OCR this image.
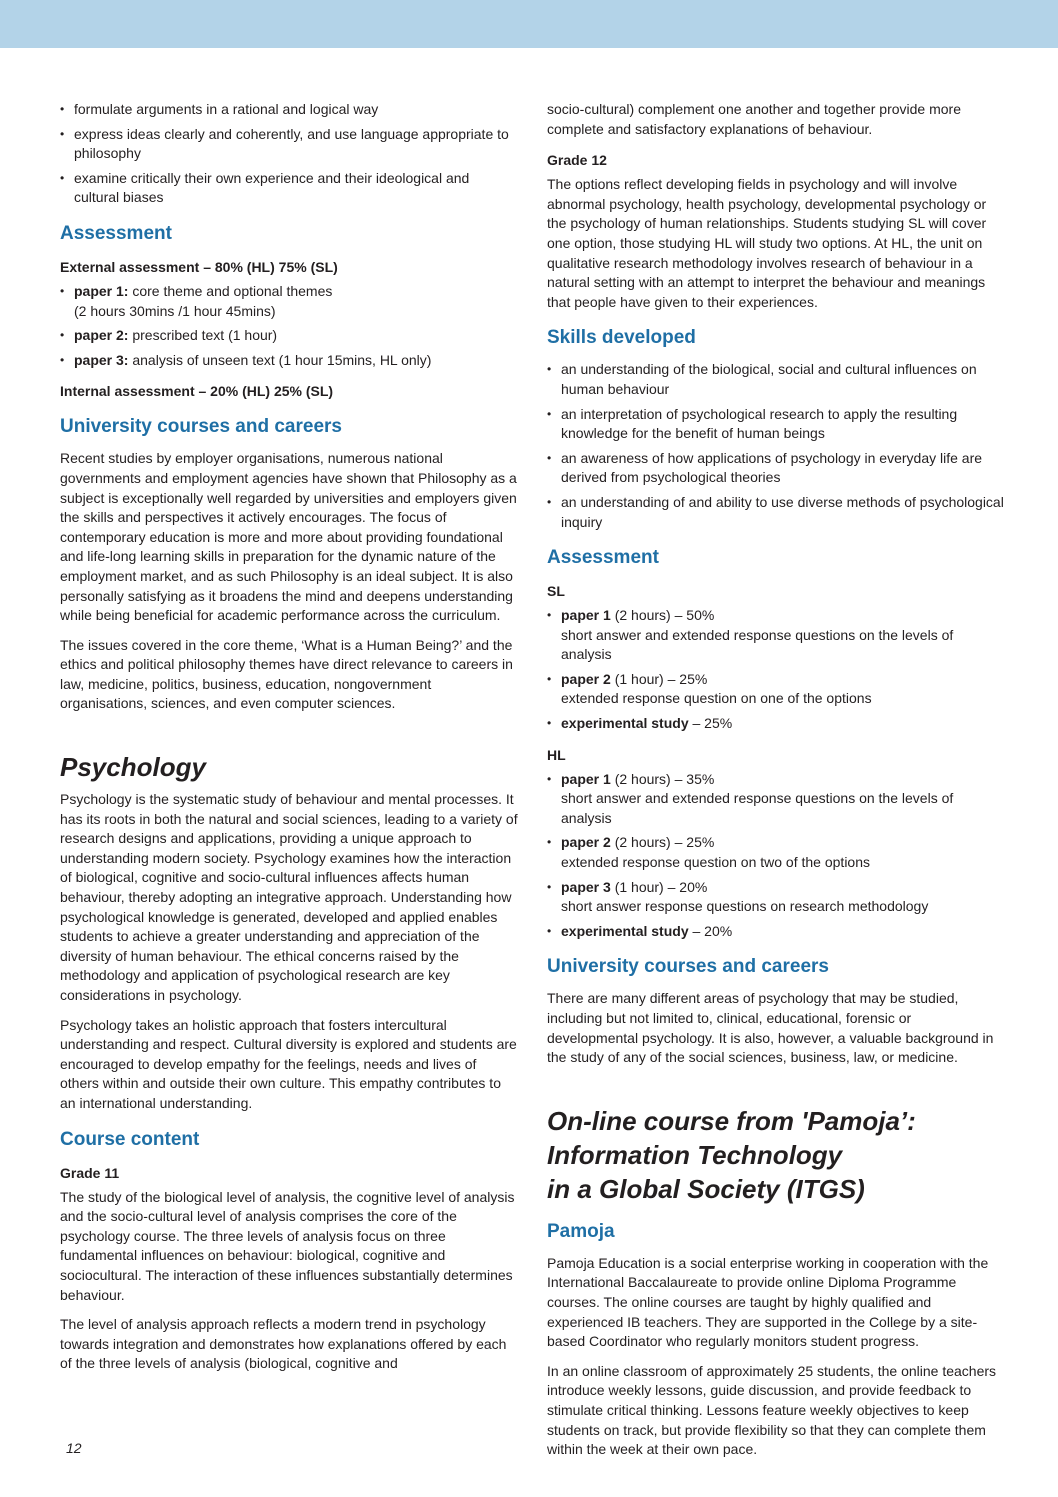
• formulate arguments in a rational and logical way
• express ideas clearly and coherently, and use language appropriate to philosophy
• examine critically their own experience and their ideological and cultural biases
Assessment
External assessment – 80% (HL) 75% (SL)
• paper 1: core theme and optional themes
(2 hours 30mins /1 hour 45mins)
• paper 2: prescribed text (1 hour)
• paper 3: analysis of unseen text (1 hour 15mins, HL only)
Internal assessment – 20% (HL) 25% (SL)
University courses and careers

Recent studies by employer organisations, numerous national governments and employment agencies have shown that Philosophy as a subject is exceptionally well regarded by universities and employers given the skills and perspectives it actively encourages. The focus of contemporary education is more and more about providing foundational and life-long learning skills in preparation for the dynamic nature of the employment market, and as such Philosophy is an ideal subject. It is also personally satisfying as it broadens the mind and deepens understanding while being beneficial for academic performance across the curriculum.

The issues covered in the core theme, ‘What is a Human Being?’ and the ethics and political philosophy themes have direct relevance to careers in law, medicine, politics, business, education, nongovernment organisations, sciences, and even computer sciences.

Psychology

Psychology is the systematic study of behaviour and mental processes. It has its roots in both the natural and social sciences, leading to a variety of research designs and applications, providing a unique approach to understanding modern society. Psychology examines how the interaction of biological, cognitive and socio-cultural influences affects human behaviour, thereby adopting an integrative approach. Understanding how psychological knowledge is generated, developed and applied enables students to achieve a greater understanding and appreciation of the diversity of human behaviour. The ethical concerns raised by the methodology and application of psychological research are key considerations in psychology.

Psychology takes an holistic approach that fosters intercultural understanding and respect. Cultural diversity is explored and students are encouraged to develop empathy for the feelings, needs and lives of others within and outside their own culture. This empathy contributes to an international understanding.

Course content
Grade 11

The study of the biological level of analysis, the cognitive level of analysis and the socio-cultural level of analysis comprises the core of the psychology course. The three levels of analysis focus on three fundamental influences on behaviour: biological, cognitive and sociocultural. The interaction of these influences substantially determines behaviour.

The level of analysis approach reflects a modern trend in psychology towards integration and demonstrates how explanations offered by each of the three levels of analysis (biological, cognitive and

socio-cultural) complement one another and together provide more complete and satisfactory explanations of behaviour.

Grade 12

The options reflect developing fields in psychology and will involve abnormal psychology, health psychology, developmental psychology or the psychology of human relationships. Students studying SL will cover one option, those studying HL will study two options. At HL, the unit on qualitative research methodology involves research of behaviour in a natural setting with an attempt to interpret the behaviour and meanings that people have given to their experiences.

Skills developed
• an understanding of the biological, social and cultural influences on human behaviour
• an interpretation of psychological research to apply the resulting knowledge for the benefit of human beings
• an awareness of how applications of psychology in everyday life are derived from psychological theories
• an understanding of and ability to use diverse methods of psychological inquiry
Assessment
SL
• paper 1 (2 hours) – 50%
short answer and extended response questions on the levels of analysis
• paper 2 (1 hour) – 25%
extended response question on one of the options
• experimental study – 25%
HL
• paper 1 (2 hours) – 35%
short answer and extended response questions on the levels of analysis
• paper 2 (2 hours) – 25%
extended response question on two of the options
• paper 3 (1 hour) – 20%
short answer response questions on research methodology
• experimental study – 20%
University courses and careers

There are many different areas of psychology that may be studied, including but not limited to, clinical, educational, forensic or developmental psychology. It is also, however, a valuable background in the study of any of the social sciences, business, law, or medicine.

On-line course from 'Pamoja’:
Information Technology
in a Global Society (ITGS)
Pamoja

Pamoja Education is a social enterprise working in cooperation with the International Baccalaureate to provide online Diploma Programme courses. The online courses are taught by highly qualified and experienced IB teachers. They are supported in the College by a site-based Coordinator who regularly monitors student progress.

In an online classroom of approximately 25 students, the online teachers introduce weekly lessons, guide discussion, and provide feedback to stimulate critical thinking. Lessons feature weekly objectives to keep students on track, but provide flexibility so that they can complete them within the week at their own pace.

12
